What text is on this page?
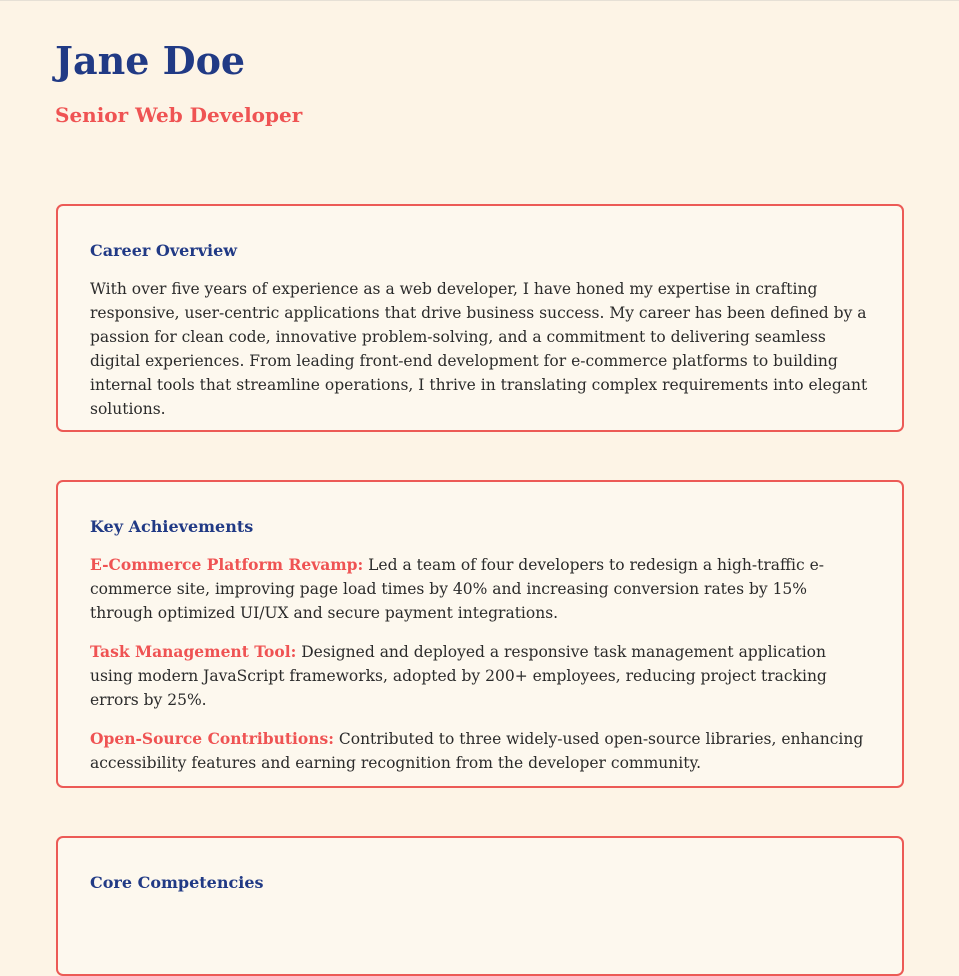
Jane Doe
Senior Web Developer
Career Overview

With over five years of experience as a web developer, I have honed my expertise in crafting responsive, user-centric applications that drive business success. My career has been defined by a passion for clean code, innovative problem-solving, and a commitment to delivering seamless digital experiences. From leading front-end development for e-commerce platforms to building internal tools that streamline operations, I thrive in translating complex requirements into elegant solutions.

Key Achievements

E-Commerce Platform Revamp: Led a team of four developers to redesign a high-traffic e-commerce site, improving page load times by 40% and increasing conversion rates by 15% through optimized UI/UX and secure payment integrations.

Task Management Tool: Designed and deployed a responsive task management application using modern JavaScript frameworks, adopted by 200+ employees, reducing project tracking errors by 25%.

Open-Source Contributions: Contributed to three widely-used open-source libraries, enhancing accessibility features and earning recognition from the developer community.

Core Competencies
